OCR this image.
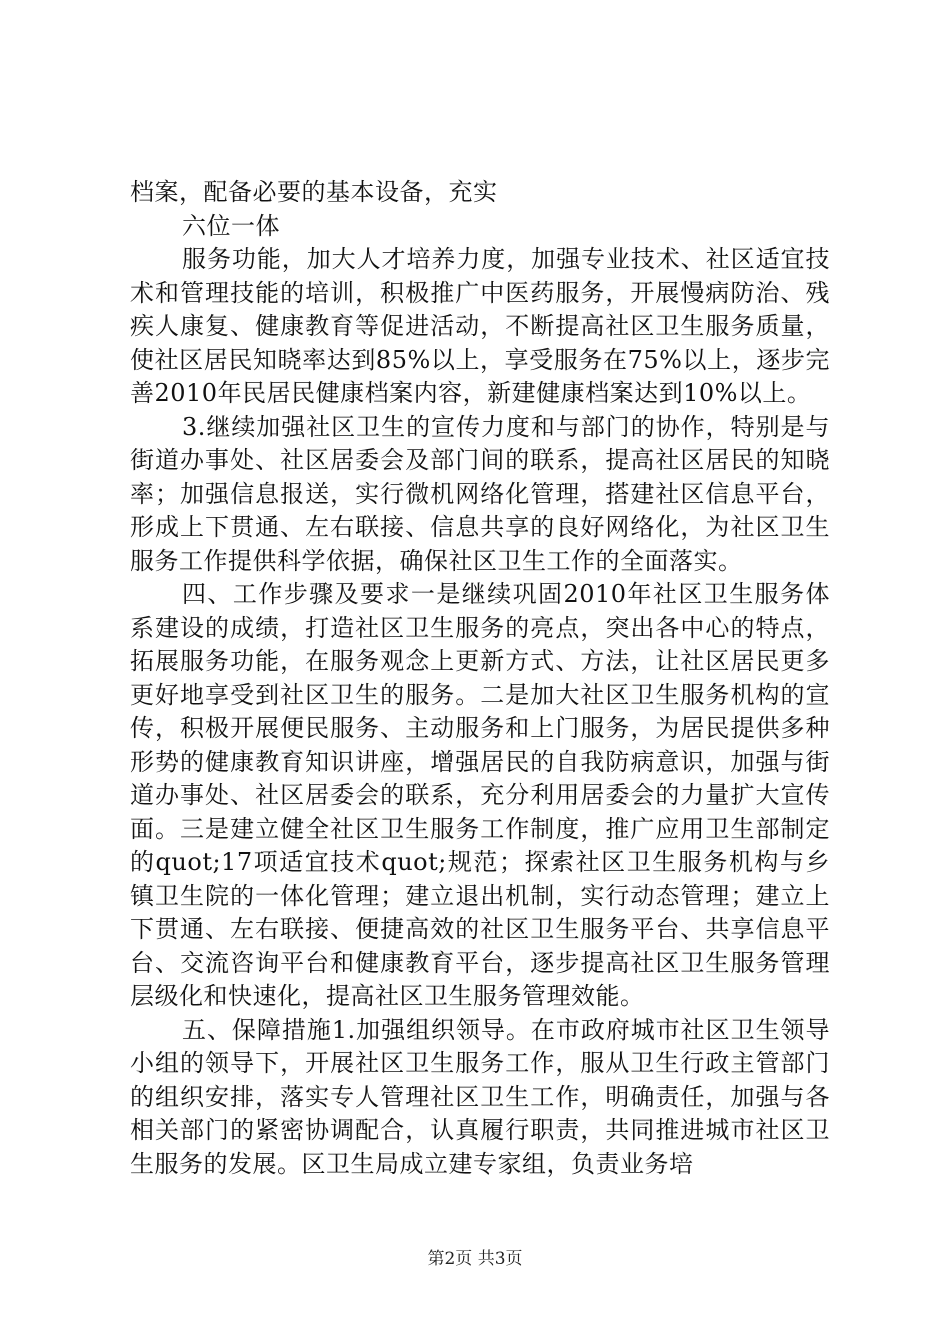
档案，配备必要的基本设备，充实

六位一体

服务功能，加大人才培养力度，加强专业技术、社区适宜技术和管理技能的培训，积极推广中医药服务，开展慢病防治、残疾人康复、健康教育等促进活动，不断提高社区卫生服务质量，使社区居民知晓率达到85%以上，享受服务在75%以上，逐步完善2010年民居民健康档案内容，新建健康档案达到10%以上。

3.继续加强社区卫生的宣传力度和与部门的协作，特别是与街道办事处、社区居委会及部门间的联系，提高社区居民的知晓率；加强信息报送，实行微机网络化管理，搭建社区信息平台，形成上下贯通、左右联接、信息共享的良好网络化，为社区卫生服务工作提供科学依据，确保社区卫生工作的全面落实。

四、工作步骤及要求一是继续巩固2010年社区卫生服务体系建设的成绩，打造社区卫生服务的亮点，突出各中心的特点，拓展服务功能，在服务观念上更新方式、方法，让社区居民更多更好地享受到社区卫生的服务。二是加大社区卫生服务机构的宣传，积极开展便民服务、主动服务和上门服务，为居民提供多种形势的健康教育知识讲座，增强居民的自我防病意识，加强与街道办事处、社区居委会的联系，充分利用居委会的力量扩大宣传面。三是建立健全社区卫生服务工作制度，推广应用卫生部制定的quot;17项适宜技术quot;规范；探索社区卫生服务机构与乡镇卫生院的一体化管理；建立退出机制，实行动态管理；建立上下贯通、左右联接、便捷高效的社区卫生服务平台、共享信息平台、交流咨询平台和健康教育平台，逐步提高社区卫生服务管理层级化和快速化，提高社区卫生服务管理效能。

五、保障措施1.加强组织领导。在市政府城市社区卫生领导小组的领导下，开展社区卫生服务工作，服从卫生行政主管部门的组织安排，落实专人管理社区卫生工作，明确责任，加强与各相关部门的紧密协调配合，认真履行职责，共同推进城市社区卫生服务的发展。区卫生局成立建专家组，负责业务培

第2页 共3页
